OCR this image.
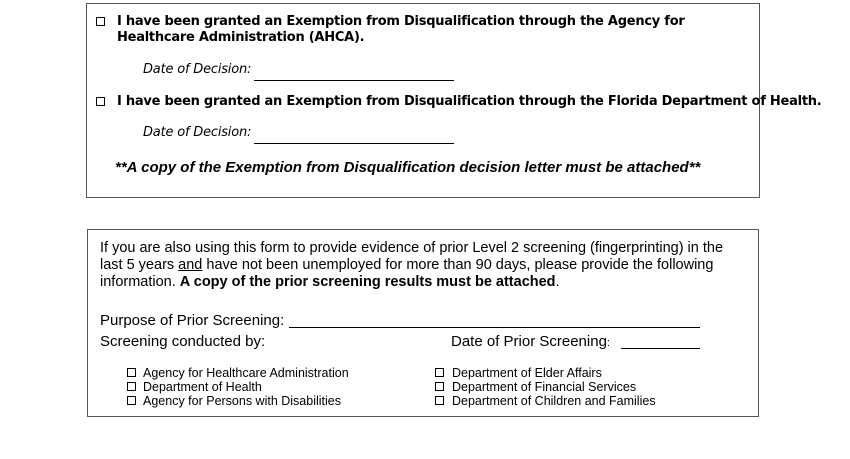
I have been granted an Exemption from Disqualification through the Agency for Healthcare Administration (AHCA).
Date of Decision:
I have been granted an Exemption from Disqualification through the Florida Department of Health.
Date of Decision:
**A copy of the Exemption from Disqualification decision letter must be attached**
If you are also using this form to provide evidence of prior Level 2 screening (fingerprinting) in the last 5 years and have not been unemployed for more than 90 days, please provide the following information. A copy of the prior screening results must be attached.
Purpose of Prior Screening:
Screening conducted by:	Date of Prior Screening:
Agency for Healthcare Administration
Department of Health
Agency for Persons with Disabilities
Department of Elder Affairs
Department of Financial Services
Department of Children and Families
